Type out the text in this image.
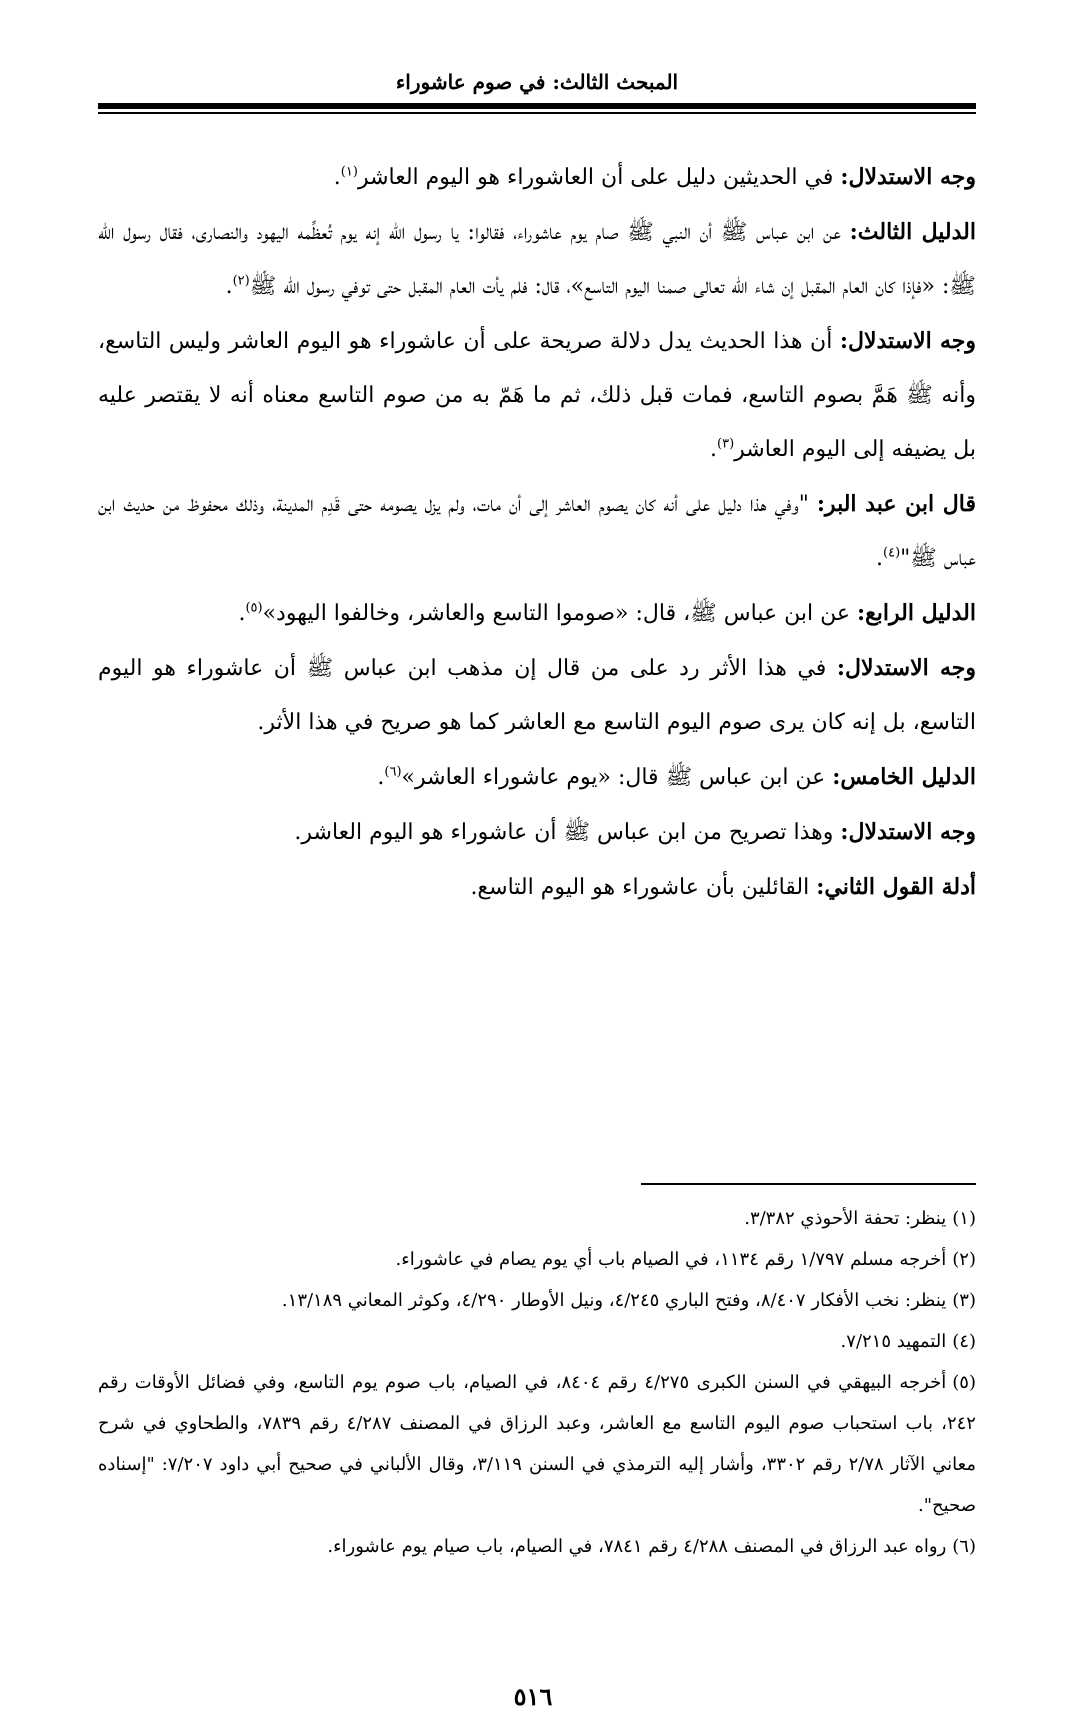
المبحث الثالث: في صوم عاشوراء

وجه الاستدلال: في الحديثين دليل على أن العاشوراء هو اليوم العاشر$^{(١)}$.

الدليل الثالث: عن ابن عباس ﷺ أن النبي ﷺ صام يوم عاشوراء، فقالوا: يا رسول الله إنه يوم تُعظِّمه اليهود والنصارى، فقال رسول الله ﷺ: «فإذا كان العام المقبل إن شاء الله تعالى صمنا اليوم التاسع»، قال: فلم يأت العام المقبل حتى توفي رسول الله ﷺ$^{(٢)}$.

وجه الاستدلال: أن هذا الحديث يدل دلالة صريحة على أن عاشوراء هو اليوم العاشر وليس التاسع، وأنه ﷺ هَمَّ بصوم التاسع، فمات قبل ذلك، ثم ما هَمّ به من صوم التاسع معناه أنه لا يقتصر عليه بل يضيفه إلى اليوم العاشر$^{(٣)}$.

قال ابن عبد البر: "وفي هذا دليل على أنه كان يصوم العاشر إلى أن مات، ولم يزل يصومه حتى قَدِم المدينة، وذلك محفوظ من حديث ابن عباس ﷺ"$^{(٤)}$.

الدليل الرابع: عن ابن عباس ﷺ، قال: «صوموا التاسع والعاشر، وخالفوا اليهود»$^{(٥)}$.

وجه الاستدلال: في هذا الأثر رد على من قال إن مذهب ابن عباس ﷺ أن عاشوراء هو اليوم التاسع، بل إنه كان يرى صوم اليوم التاسع مع العاشر كما هو صريح في هذا الأثر.

الدليل الخامس: عن ابن عباس ﷺ قال: «يوم عاشوراء العاشر»$^{(٦)}$.

وجه الاستدلال: وهذا تصريح من ابن عباس ﷺ أن عاشوراء هو اليوم العاشر.

أدلة القول الثاني: القائلين بأن عاشوراء هو اليوم التاسع.

(١)ينظر: تحفة الأحوذي ٣/٣٨٢.

(٢)أخرجه مسلم ١/٧٩٧ رقم ١١٣٤، في الصيام باب أي يوم يصام في عاشوراء.

(٣)ينظر: نخب الأفكار ٨/٤٠٧، وفتح الباري ٤/٢٤٥، ونيل الأوطار ٤/٢٩٠، وكوثر المعاني ١٣/١٨٩.

(٤)التمهيد ٧/٢١٥.

(٥)أخرجه البيهقي في السنن الكبرى ٤/٢٧٥ رقم ٨٤٠٤، في الصيام، باب صوم يوم التاسع، وفي فضائل الأوقات رقم ٢٤٢، باب استحباب صوم اليوم التاسع مع العاشر، وعبد الرزاق في المصنف ٤/٢٨٧ رقم ٧٨٣٩، والطحاوي في شرح معاني الآثار ٢/٧٨ رقم ٣٣٠٢، وأشار إليه الترمذي في السنن ٣/١١٩، وقال الألباني في صحيح أبي داود ٧/٢٠٧: "إسناده صحيح".

(٦)رواه عبد الرزاق في المصنف ٤/٢٨٨ رقم ٧٨٤١، في الصيام، باب صيام يوم عاشوراء.

٥١٦
